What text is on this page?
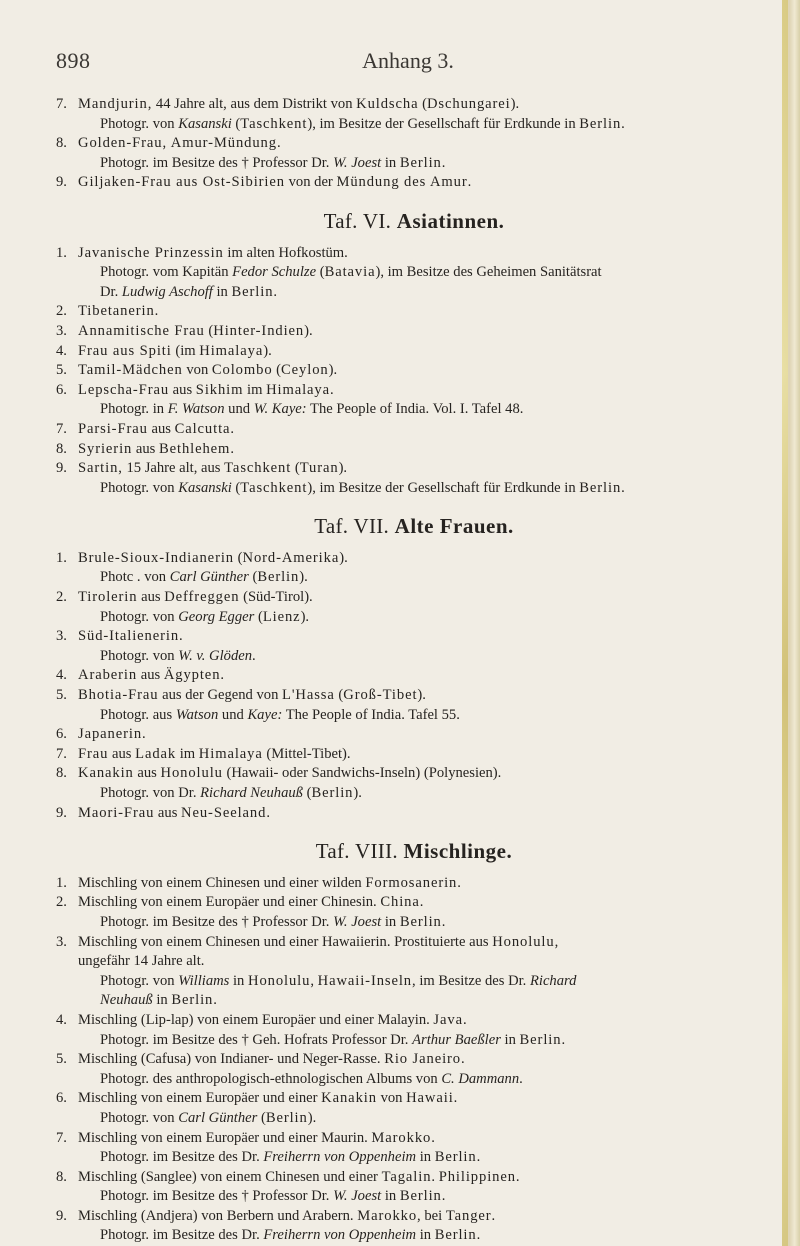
898	Anhang 3.
7. Mandjurin, 44 Jahre alt, aus dem Distrikt von Kuldscha (Dschungarei).
Photogr. von Kasanski (Taschkent), im Besitze der Gesellschaft für Erdkunde in Berlin.
8. Golden-Frau, Amur-Mündung.
Photogr. im Besitze des † Professor Dr. W. Joest in Berlin.
9. Giljaken-Frau aus Ost-Sibirien von der Mündung des Amur.
Taf. VI. Asiatinnen.
1. Javanische Prinzessin im alten Hofkostüm.
Photogr. vom Kapitän Fedor Schulze (Batavia), im Besitze des Geheimen Sanitätsrat
Dr. Ludwig Aschoff in Berlin.
2. Tibetanerin.
3. Annamitische Frau (Hinter-Indien).
4. Frau aus Spiti (im Himalaya).
5. Tamil-Mädchen von Colombo (Ceylon).
6. Lepscha-Frau aus Sikhim im Himalaya.
Photogr. in F. Watson und W. Kaye: The People of India. Vol. I. Tafel 48.
7. Parsi-Frau aus Calcutta.
8. Syrierin aus Bethlehem.
9. Sartin, 15 Jahre alt, aus Taschkent (Turan).
Photogr. von Kasanski (Taschkent), im Besitze der Gesellschaft für Erdkunde in Berlin.
Taf. VII. Alte Frauen.
1. Brule-Sioux-Indianerin (Nord-Amerika).
Photc . von Carl Günther (Berlin).
2. Tirolerin aus Deffreggen (Süd-Tirol).
Photogr. von Georg Egger (Lienz).
3. Süd-Italienerin.
Photogr. von W. v. Glöden.
4. Araberin aus Ägypten.
5. Bhotia-Frau aus der Gegend von L'Hassa (Groß-Tibet).
Photogr. aus Watson und Kaye: The People of India. Tafel 55.
6. Japanerin.
7. Frau aus Ladak im Himalaya (Mittel-Tibet).
8. Kanakin aus Honolulu (Hawaii- oder Sandwichs-Inseln) (Polynesien).
Photogr. von Dr. Richard Neuhauß (Berlin).
9. Maori-Frau aus Neu-Seeland.
Taf. VIII. Mischlinge.
1. Mischling von einem Chinesen und einer wilden Formosanerin.
2. Mischling von einem Europäer und einer Chinesin. China.
Photogr. im Besitze des † Professor Dr. W. Joest in Berlin.
3. Mischling von einem Chinesen und einer Hawaiierin. Prostituierte aus Honolulu,
ungefähr 14 Jahre alt.
Photogr. von Williams in Honolulu, Hawaii-Inseln, im Besitze des Dr. Richard
Neuhauß in Berlin.
4. Mischling (Lip-lap) von einem Europäer und einer Malayin. Java.
Photogr. im Besitze des † Geh. Hofrats Professor Dr. Arthur Baeßler in Berlin.
5. Mischling (Cafusa) von Indianer- und Neger-Rasse. Rio Janeiro.
Photogr. des anthropologisch-ethnologischen Albums von C. Dammann.
6. Mischling von einem Europäer und einer Kanakin von Hawaii.
Photogr. von Carl Günther (Berlin).
7. Mischling von einem Europäer und einer Maurin. Marokko.
Photogr. im Besitze des Dr. Freiherrn von Oppenheim in Berlin.
8. Mischling (Sanglee) von einem Chinesen und einer Tagalin. Philippinen.
Photogr. im Besitze des † Professor Dr. W. Joest in Berlin.
9. Mischling (Andjera) von Berbern und Arabern. Marokko, bei Tanger.
Photogr. im Besitze des Dr. Freiherrn von Oppenheim in Berlin.
